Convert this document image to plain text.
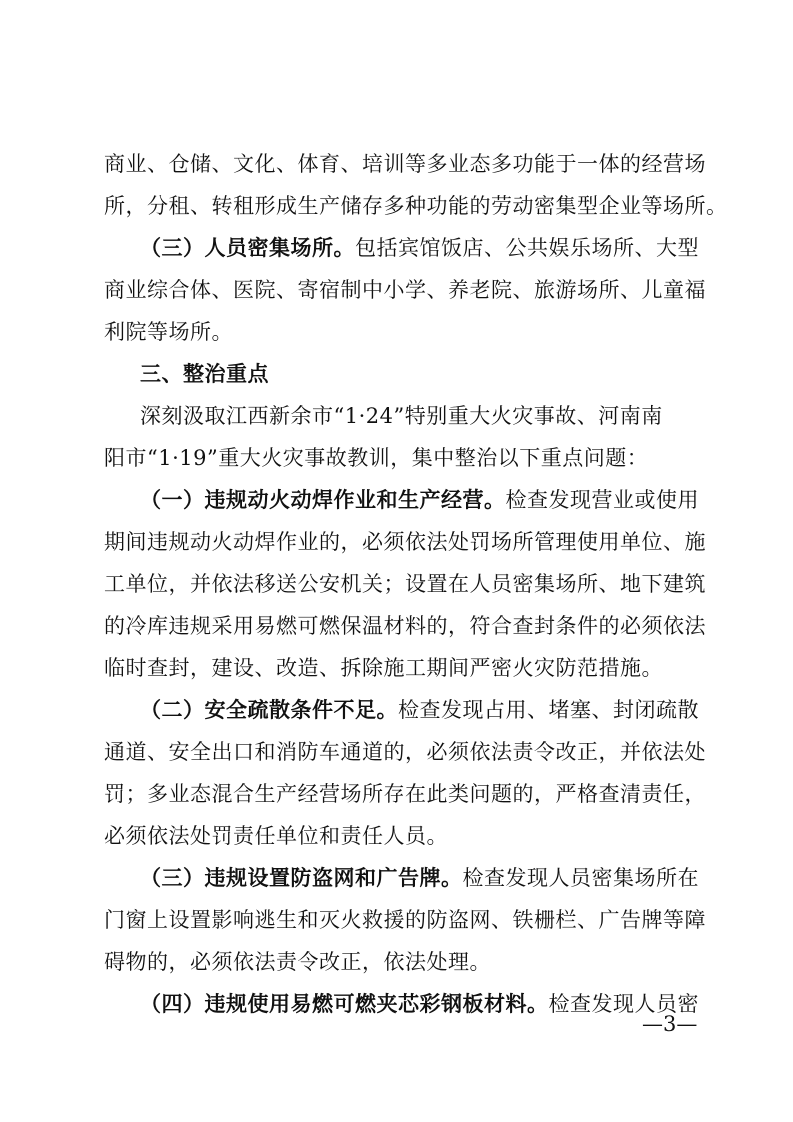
商业、仓储、文化、体育、培训等多业态多功能于一体的经营场
所，分租、转租形成生产储存多种功能的劳动密集型企业等场所。
（三）人员密集场所。包括宾馆饭店、公共娱乐场所、大型
商业综合体、医院、寄宿制中小学、养老院、旅游场所、儿童福
利院等场所。
三、整治重点
深刻汲取江西新余市“1·24”特别重大火灾事故、河南南
阳市“1·19”重大火灾事故教训，集中整治以下重点问题：
（一）违规动火动焊作业和生产经营。检查发现营业或使用
期间违规动火动焊作业的，必须依法处罚场所管理使用单位、施
工单位，并依法移送公安机关；设置在人员密集场所、地下建筑
的冷库违规采用易燃可燃保温材料的，符合查封条件的必须依法
临时查封，建设、改造、拆除施工期间严密火灾防范措施。
（二）安全疏散条件不足。检查发现占用、堵塞、封闭疏散
通道、安全出口和消防车通道的，必须依法责令改正，并依法处
罚；多业态混合生产经营场所存在此类问题的，严格查清责任，
必须依法处罚责任单位和责任人员。
（三）违规设置防盗网和广告牌。检查发现人员密集场所在
门窗上设置影响逃生和灭火救援的防盗网、铁栅栏、广告牌等障
碍物的，必须依法责令改正，依法处理。
（四）违规使用易燃可燃夹芯彩钢板材料。检查发现人员密
—3—
